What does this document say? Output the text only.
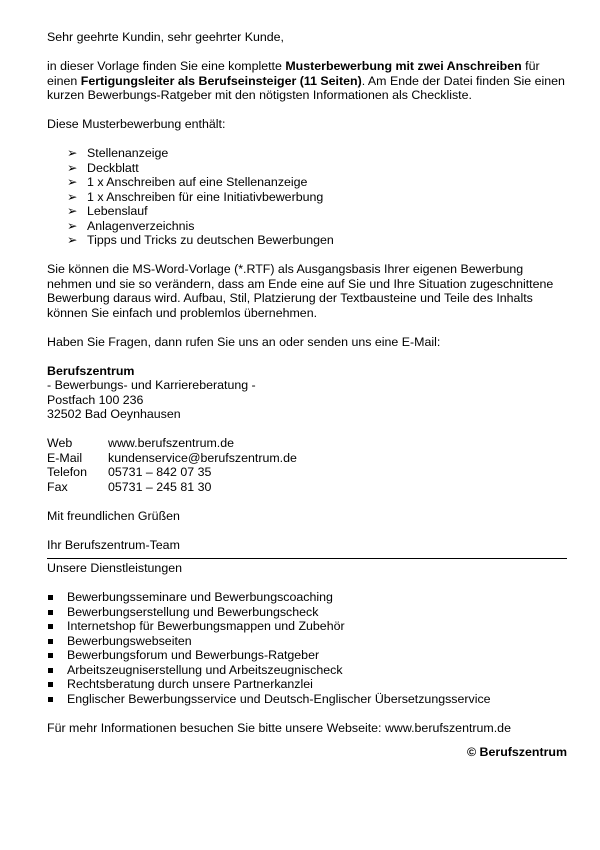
Sehr geehrte Kundin, sehr geehrter Kunde,

in dieser Vorlage finden Sie eine komplette Musterbewerbung mit zwei Anschreiben für einen Fertigungsleiter als Berufseinsteiger (11 Seiten). Am Ende der Datei finden Sie einen kurzen Bewerbungs-Ratgeber mit den nötigsten Informationen als Checkliste.

Diese Musterbewerbung enthält:

➢ Stellenanzeige
➢ Deckblatt
➢ 1 x Anschreiben auf eine Stellenanzeige
➢ 1 x Anschreiben für eine Initiativbewerbung
➢ Lebenslauf
➢ Anlagenverzeichnis
➢ Tipps und Tricks zu deutschen Bewerbungen

Sie können die MS-Word-Vorlage (*.RTF) als Ausgangsbasis Ihrer eigenen Bewerbung nehmen und sie so verändern, dass am Ende eine auf Sie und Ihre Situation zugeschnittene Bewerbung daraus wird. Aufbau, Stil, Platzierung der Textbausteine und Teile des Inhalts können Sie einfach und problemlos übernehmen.

Haben Sie Fragen, dann rufen Sie uns an oder senden uns eine E-Mail:

Berufszentrum

- Bewerbungs- und Karriereberatung -

Postfach 100 236

32502 Bad Oeynhausen

Web	www.berufszentrum.de
E-Mail	kundenservice@berufszentrum.de
Telefon	05731 – 842 07 35
Fax	05731 – 245 81 30

Mit freundlichen Grüßen

Ihr Berufszentrum-Team

Unsere Dienstleistungen

Bewerbungsseminare und Bewerbungscoaching
Bewerbungserstellung und Bewerbungscheck
Internetshop für Bewerbungsmappen und Zubehör
Bewerbungswebseiten
Bewerbungsforum und Bewerbungs-Ratgeber
Arbeitszeugniserstellung und Arbeitszeugnischeck
Rechtsberatung durch unsere Partnerkanzlei
Englischer Bewerbungsservice und Deutsch-Englischer Übersetzungsservice

Für mehr Informationen besuchen Sie bitte unsere Webseite: www.berufszentrum.de

© Berufszentrum
